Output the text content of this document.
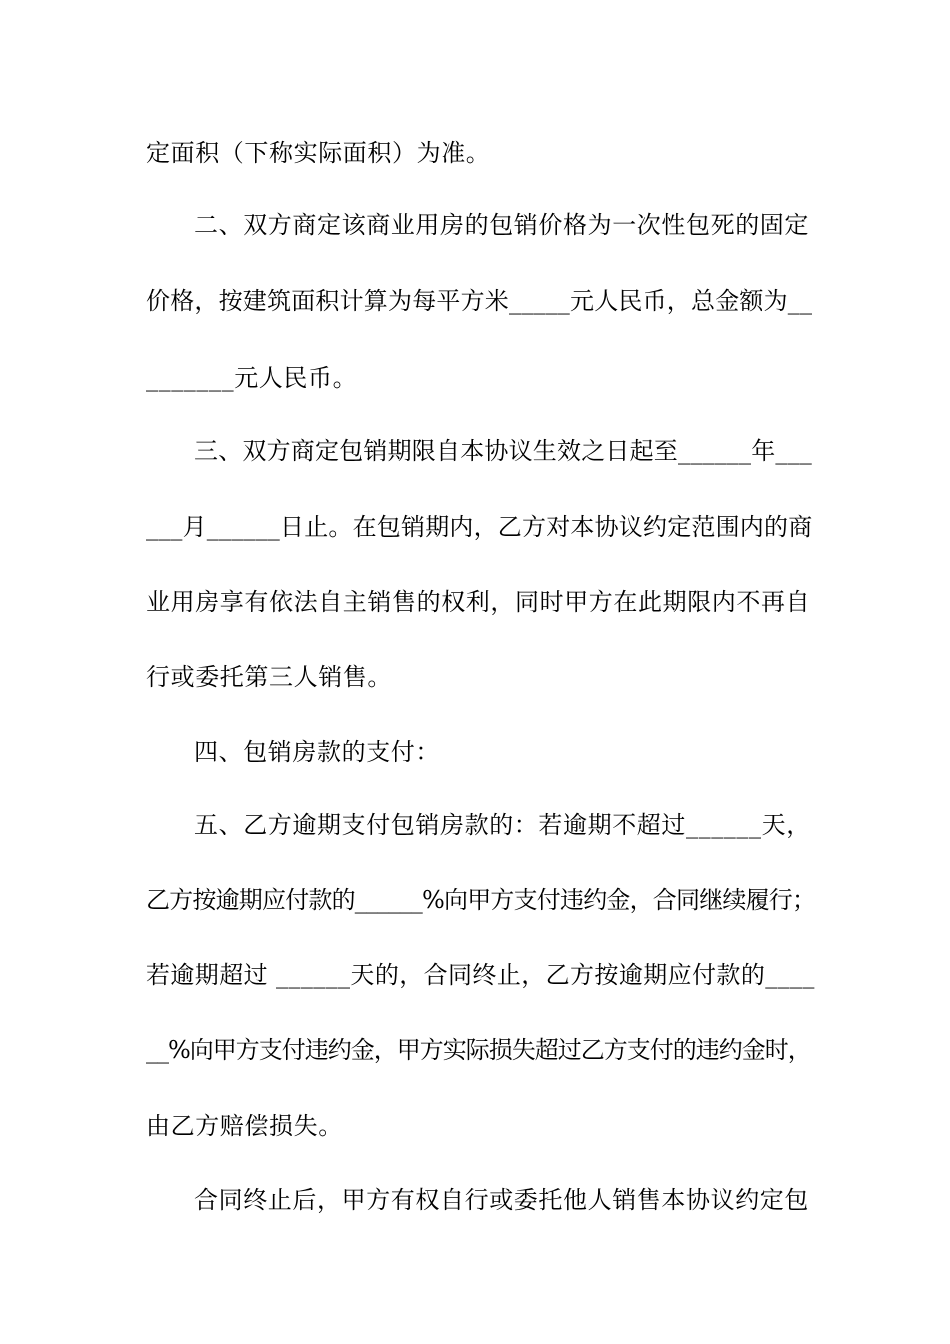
定面积（下称实际面积）为准。
二、双方商定该商业用房的包销价格为一次性包死的固定
价格，按建筑面积计算为每平方米_____元人民币，总金额为__
_______元人民币。
三、双方商定包销期限自本协议生效之日起至______年___
___月______日止。在包销期内，乙方对本协议约定范围内的商
业用房享有依法自主销售的权利，同时甲方在此期限内不再自
行或委托第三人销售。
四、包销房款的支付：
五、乙方逾期支付包销房款的：若逾期不超过______天，
乙方按逾期应付款的______%向甲方支付违约金，合同继续履行；
若逾期超过 ______天的，合同终止，乙方按逾期应付款的____
__%向甲方支付违约金，甲方实际损失超过乙方支付的违约金时，
由乙方赔偿损失。
合同终止后，甲方有权自行或委托他人销售本协议约定包
